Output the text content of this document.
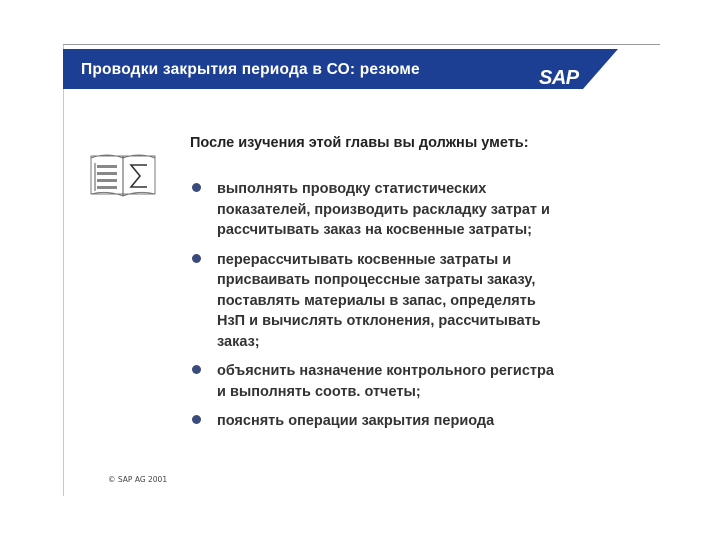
Проводки закрытия периода в СО: резюме	SAP
После изучения этой главы вы должны уметь:
выполнять проводку статистических
показателей, производить раскладку затрат и
рассчитывать заказ на косвенные затраты;
перерассчитывать косвенные затраты и
присваивать попроцессные затраты заказу,
поставлять материалы в запас, определять
НзП и вычислять отклонения, рассчитывать
заказ;
объяснить назначение контрольного регистра
и выполнять соотв. отчеты;
пояснять операции закрытия периода
© SAP AG 2001
